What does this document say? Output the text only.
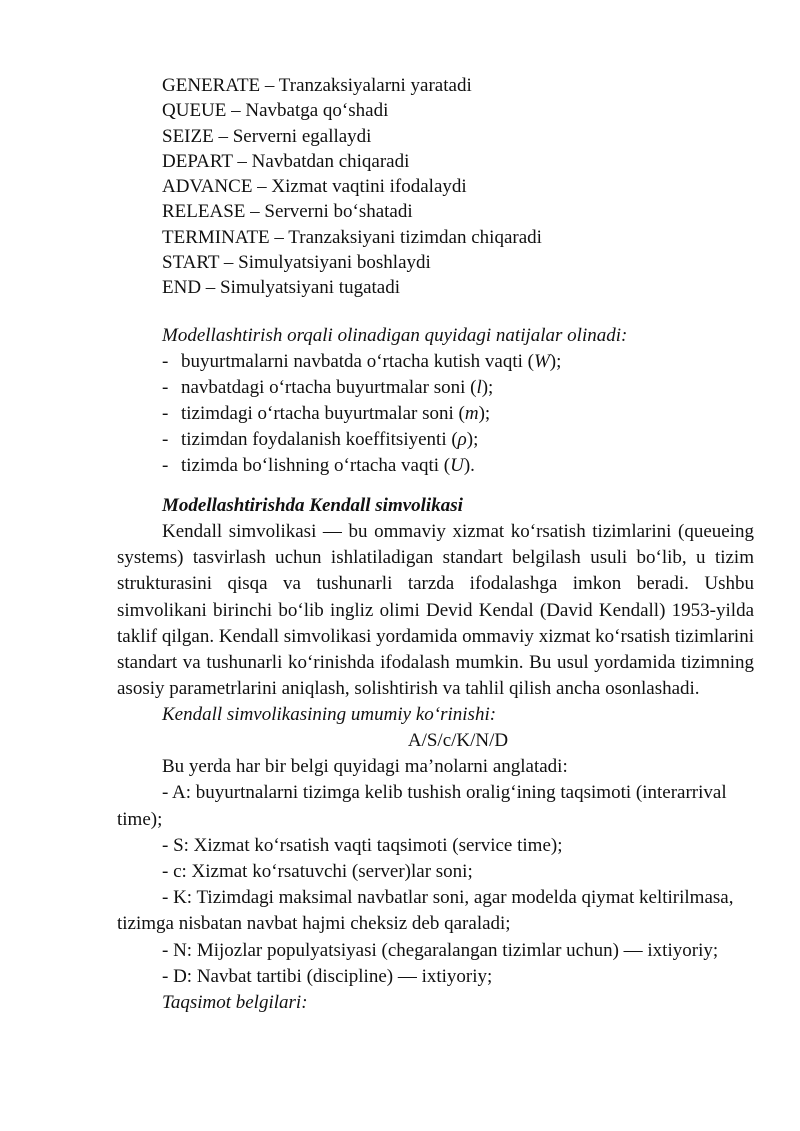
GENERATE – Tranzaksiyalarni yaratadi
QUEUE – Navbatga qo‘shadi
SEIZE – Serverni egallaydi
DEPART – Navbatdan chiqaradi
ADVANCE – Xizmat vaqtini ifodalaydi
RELEASE – Serverni bo‘shatadi
TERMINATE – Tranzaksiyani tizimdan chiqaradi
START – Simulyatsiyani boshlaydi
END – Simulyatsiyani tugatadi
Modellashtirish orqali olinadigan quyidagi natijalar olinadi:
- buyurtmalarni navbatda o‘rtacha kutish vaqti (W);
- navbatdagi o‘rtacha buyurtmalar soni (l);
- tizimdagi o‘rtacha buyurtmalar soni (m);
- tizimdan foydalanish koeffitsiyenti (ρ);
- tizimda bo‘lishning o‘rtacha vaqti (U).
Modellashtirishda Kendall simvolikasi

Kendall simvolikasi — bu ommaviy xizmat ko‘rsatish tizimlarini (queueing systems) tasvirlash uchun ishlatiladigan standart belgilash usuli bo‘lib, u tizim strukturasini qisqa va tushunarli tarzda ifodalashga imkon beradi. Ushbu simvolikani birinchi bo‘lib ingliz olimi Devid Kendal (David Kendall) 1953-yilda taklif qilgan. Kendall simvolikasi yordamida ommaviy xizmat ko‘rsatish tizimlarini standart va tushunarli ko‘rinishda ifodalash mumkin. Bu usul yordamida tizimning asosiy parametrlarini aniqlash, solishtirish va tahlil qilish ancha osonlashadi.

Kendall simvolikasining umumiy ko‘rinishi:
A/S/c/K/N/D
Bu yerda har bir belgi quyidagi ma’nolarni anglatadi:

- A: buyurtnalarni tizimga kelib tushish oralig‘ining taqsimoti (interarrival time);

- S: Xizmat ko‘rsatish vaqti taqsimoti (service time);

- c: Xizmat ko‘rsatuvchi (server)lar soni;

- K: Tizimdagi maksimal navbatlar soni, agar modelda qiymat keltirilmasa, tizimga nisbatan navbat hajmi cheksiz deb qaraladi;

- N: Mijozlar populyatsiyasi (chegaralangan tizimlar uchun) — ixtiyoriy;

- D: Navbat tartibi (discipline) — ixtiyoriy;

Taqsimot belgilari:
